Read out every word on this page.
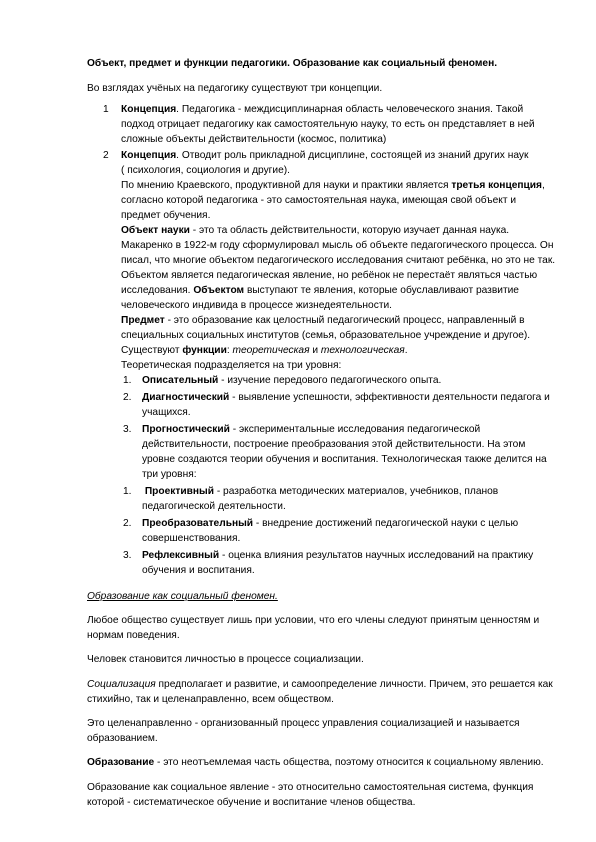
Объект, предмет и функции педагогики. Образование как социальный феномен.
Во взглядах учёных на педагогику существуют три концепции.
1 Концепция. Педагогика - междисциплинарная область человеческого знания. Такой
подход отрицает педагогику как самостоятельную науку, то есть он представляет в ней
сложные объекты действительности (космос, политика)
2 Концепция. Отводит роль прикладной дисциплине, состоящей из знаний других наук
( психология, социология и другие).
По мнению Краевского, продуктивной для науки и практики является третья концепция,
согласно которой педагогика - это самостоятельная наука, имеющая свой объект и
предмет обучения.
Объект науки - это та область действительности, которую изучает данная наука.
Макаренко в 1922-м году сформулировал мысль об объекте педагогического процесса. Он
писал, что многие объектом педагогического исследования считают ребёнка, но это не так.
Объектом является педагогическая явление, но ребёнок не перестаёт являться частью
исследования. Объектом выступают те явления, которые обуславливают развитие
человеческого индивида в процессе жизнедеятельности.
Предмет - это образование как целостный педагогический процесс, направленный в
специальных социальных институтов (семья, образовательное учреждение и другое).
Существуют функции: теоретическая и технологическая.
Теоретическая подразделяется на три уровня:
1. Описательный - изучение передового педагогического опыта.
2. Диагностический - выявление успешности, эффективности деятельности педагога и
учащихся.
3. Прогностический - экспериментальные исследования педагогической
действительности, построение преобразования этой действительности. На этом
уровне создаются теории обучения и воспитания. Технологическая также делится на
три уровня:
1. Проективный - разработка методических материалов, учебников, планов
педагогической деятельности.
2. Преобразовательный - внедрение достижений педагогической науки с целью
совершенствования.
3. Рефлексивный - оценка влияния результатов научных исследований на практику
обучения и воспитания.
Образование как социальный феномен.
Любое общество существует лишь при условии, что его члены следуют принятым ценностям и
нормам поведения.
Человек становится личностью в процессе социализации.
Социализация предполагает и развитие, и самоопределение личности. Причем, это решается как
стихийно, так и целенаправленно, всем обществом.
Это целенаправленно - организованный процесс управления социализацией и называется
образованием.
Образование - это неотъемлемая часть общества, поэтому относится к социальному явлению.
Образование как социальное явление - это относительно самостоятельная система, функция
которой - систематическое обучение и воспитание членов общества.
